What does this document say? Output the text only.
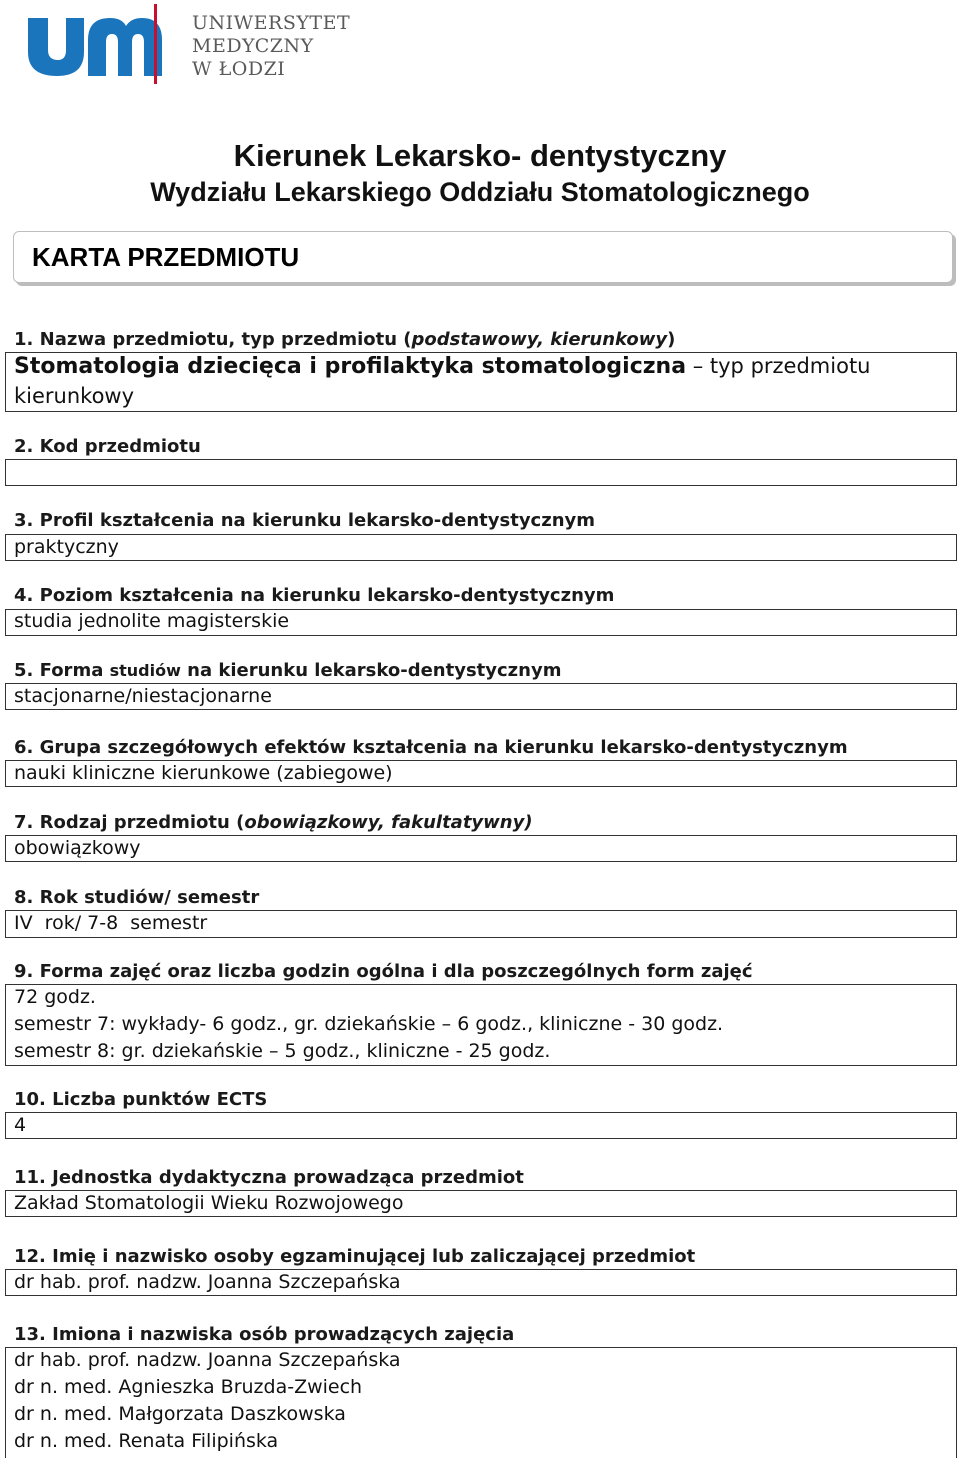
UNIWERSYTET
MEDYCZNY
W ŁODZI
Kierunek Lekarsko- dentystyczny
Wydziału Lekarskiego Oddziału Stomatologicznego
KARTA PRZEDMIOTU
1. Nazwa przedmiotu, typ przedmiotu (podstawowy, kierunkowy)
Stomatologia dziecięca i profilaktyka stomatologiczna – typ przedmiotu
kierunkowy
2. Kod przedmiotu
3. Profil kształcenia na kierunku lekarsko-dentystycznym
praktyczny
4. Poziom kształcenia na kierunku lekarsko-dentystycznym
studia jednolite magisterskie
5. Forma studiów na kierunku lekarsko-dentystycznym
stacjonarne/niestacjonarne
6. Grupa szczegółowych efektów kształcenia na kierunku lekarsko-dentystycznym
nauki kliniczne kierunkowe (zabiegowe)
7. Rodzaj przedmiotu (obowiązkowy, fakultatywny)
obowiązkowy
8. Rok studiów/ semestr
IV  rok/ 7-8  semestr
9. Forma zajęć oraz liczba godzin ogólna i dla poszczególnych form zajęć
72 godz.
semestr 7: wykłady- 6 godz., gr. dziekańskie – 6 godz., kliniczne - 30 godz.
semestr 8: gr. dziekańskie – 5 godz., kliniczne - 25 godz.
10. Liczba punktów ECTS
4
11. Jednostka dydaktyczna prowadząca przedmiot
Zakład Stomatologii Wieku Rozwojowego
12. Imię i nazwisko osoby egzaminującej lub zaliczającej przedmiot
dr hab. prof. nadzw. Joanna Szczepańska
13. Imiona i nazwiska osób prowadzących zajęcia
dr hab. prof. nadzw. Joanna Szczepańska
dr n. med. Agnieszka Bruzda-Zwiech
dr n. med. Małgorzata Daszkowska
dr n. med. Renata Filipińska
